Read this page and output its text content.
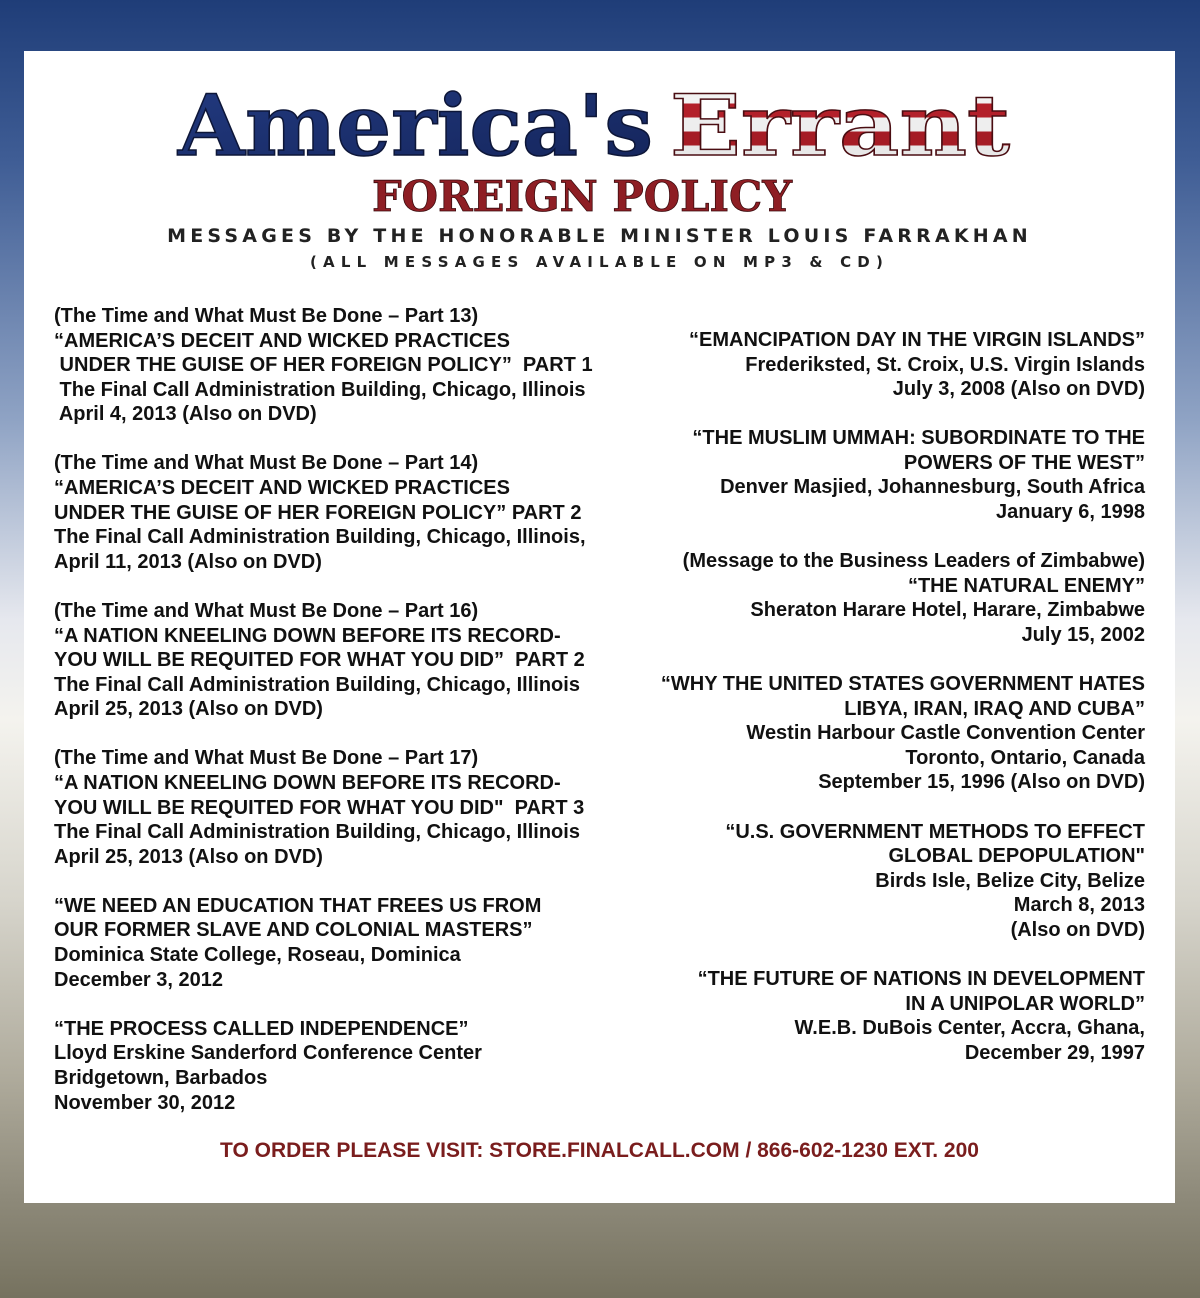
America's Errant
FOREIGN POLICY
MESSAGES BY THE HONORABLE MINISTER LOUIS FARRAKHAN
(ALL MESSAGES AVAILABLE ON MP3 & CD)
(The Time and What Must Be Done – Part 13)
“AMERICA’S DECEIT AND WICKED PRACTICES
UNDER THE GUISE OF HER FOREIGN POLICY”  PART 1
The Final Call Administration Building, Chicago, Illinois
April 4, 2013 (Also on DVD)
(The Time and What Must Be Done – Part 14)
“AMERICA’S DECEIT AND WICKED PRACTICES
UNDER THE GUISE OF HER FOREIGN POLICY” PART 2
The Final Call Administration Building, Chicago, Illinois,
April 11, 2013 (Also on DVD)
(The Time and What Must Be Done – Part 16)
“A NATION KNEELING DOWN BEFORE ITS RECORD-
YOU WILL BE REQUITED FOR WHAT YOU DID”  PART 2
The Final Call Administration Building, Chicago, Illinois
April 25, 2013 (Also on DVD)
(The Time and What Must Be Done – Part 17)
“A NATION KNEELING DOWN BEFORE ITS RECORD-
YOU WILL BE REQUITED FOR WHAT YOU DID"  PART 3
The Final Call Administration Building, Chicago, Illinois
April 25, 2013 (Also on DVD)
“WE NEED AN EDUCATION THAT FREES US FROM
OUR FORMER SLAVE AND COLONIAL MASTERS”
Dominica State College, Roseau, Dominica
December 3, 2012
“THE PROCESS CALLED INDEPENDENCE”
Lloyd Erskine Sanderford Conference Center
Bridgetown, Barbados
November 30, 2012
“EMANCIPATION DAY IN THE VIRGIN ISLANDS”
Frederiksted, St. Croix, U.S. Virgin Islands
July 3, 2008 (Also on DVD)
“THE MUSLIM UMMAH: SUBORDINATE TO THE
POWERS OF THE WEST”
Denver Masjied, Johannesburg, South Africa
January 6, 1998
(Message to the Business Leaders of Zimbabwe)
“THE NATURAL ENEMY”
Sheraton Harare Hotel, Harare, Zimbabwe
July 15, 2002
“WHY THE UNITED STATES GOVERNMENT HATES
LIBYA, IRAN, IRAQ AND CUBA”
Westin Harbour Castle Convention Center
Toronto, Ontario, Canada
September 15, 1996 (Also on DVD)
“U.S. GOVERNMENT METHODS TO EFFECT
GLOBAL DEPOPULATION"
Birds Isle, Belize City, Belize
March 8, 2013
(Also on DVD)
“THE FUTURE OF NATIONS IN DEVELOPMENT
IN A UNIPOLAR WORLD”
W.E.B. DuBois Center, Accra, Ghana,
December 29, 1997
TO ORDER PLEASE VISIT: STORE.FINALCALL.COM / 866-602-1230 EXT. 200
